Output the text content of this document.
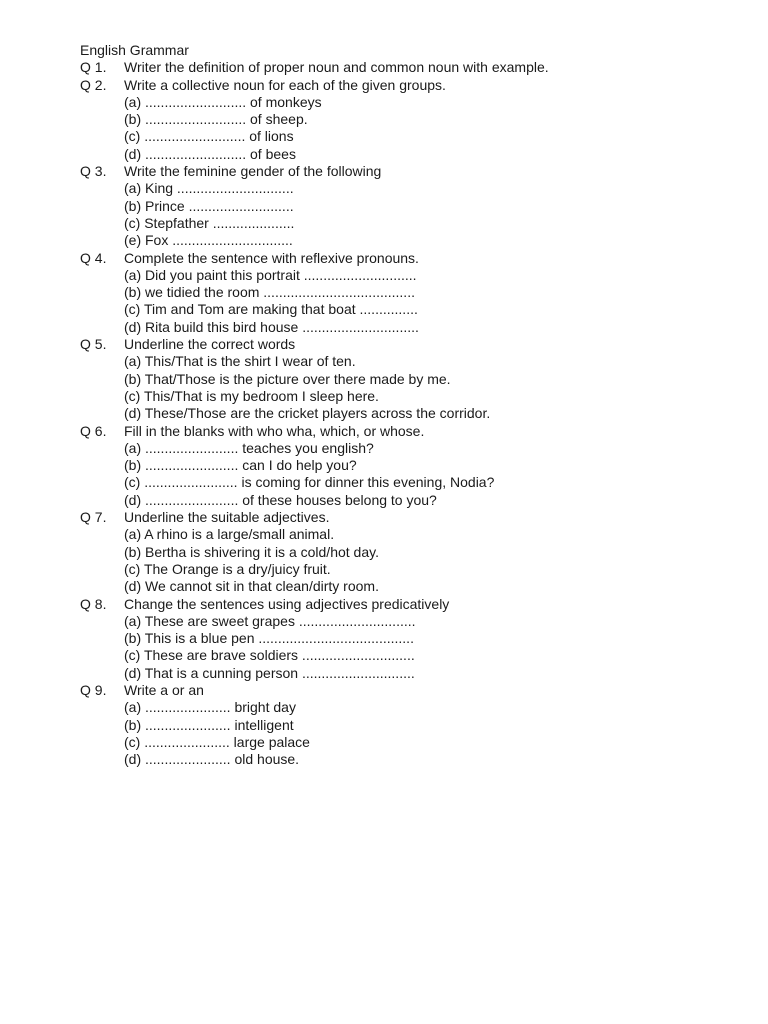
English Grammar
Q 1.	Writer the definition of proper noun and common noun with example.
Q 2.	Write a collective noun for each of the given groups.
(a) .......................... of monkeys
(b) .......................... of sheep.
(c) .......................... of lions
(d) .......................... of bees
Q 3.	Write the feminine gender of the following
(a) King ..............................
(b) Prince ...........................
(c) Stepfather .....................
(e) Fox ...............................
Q 4.	Complete the sentence with reflexive pronouns.
(a) Did you paint this portrait .............................
(b) we tidied the room .......................................
(c) Tim and Tom are making that boat ...............
(d) Rita build this bird house ..............................
Q 5.	Underline the correct words
(a) This/That is the shirt I wear of ten.
(b) That/Those is the picture over there made by me.
(c) This/That is my bedroom I sleep here.
(d) These/Those are the cricket players across the corridor.
Q 6.	Fill in the blanks with who wha, which, or whose.
(a) ........................ teaches you english?
(b) ........................ can I do help you?
(c) ........................ is coming for dinner this evening, Nodia?
(d) ........................ of these houses belong to you?
Q 7.	Underline the suitable adjectives.
(a) A rhino is a large/small animal.
(b) Bertha is shivering it is a cold/hot day.
(c) The Orange is a dry/juicy fruit.
(d) We cannot sit in that clean/dirty room.
Q 8.	Change the sentences using adjectives predicatively
(a) These are sweet grapes ..............................
(b) This is a blue pen ........................................
(c) These are brave soldiers .............................
(d) That is a cunning person .............................
Q 9.	Write a or an
(a) ...................... bright day
(b) ...................... intelligent
(c) ...................... large palace
(d) ...................... old house.
